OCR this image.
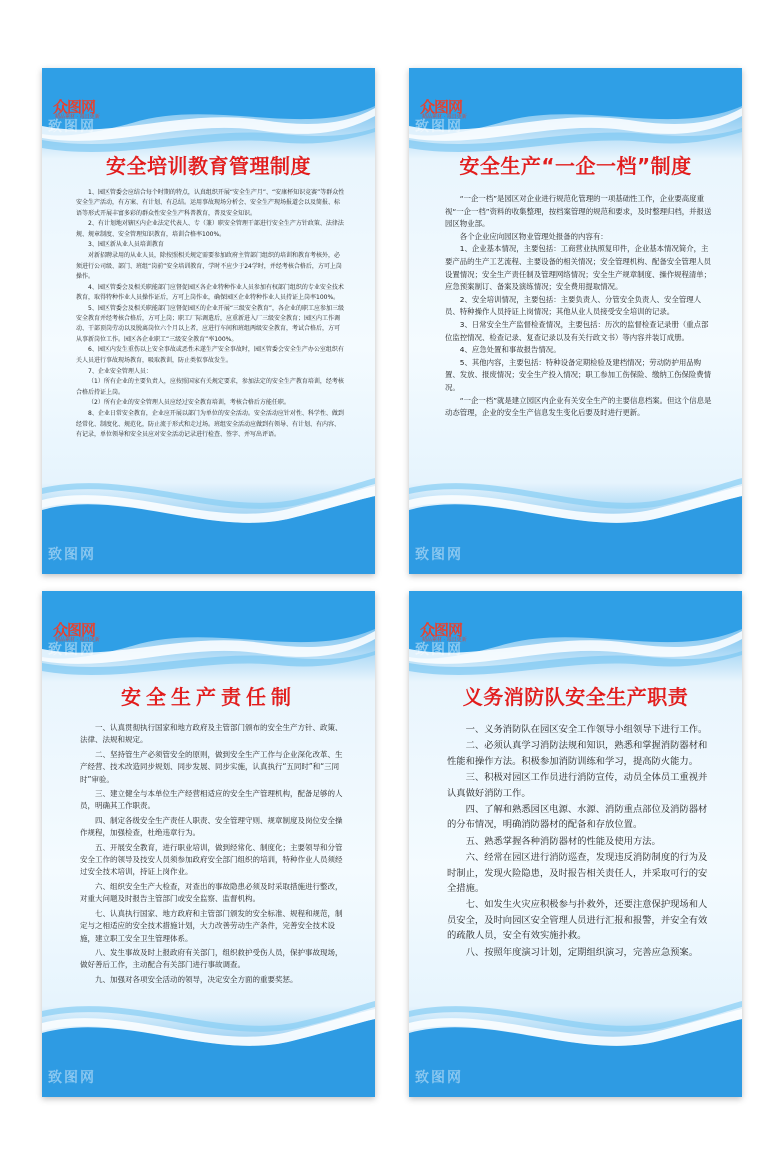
众图网
精品素材 · 每日更新
致图网
致图网
安全培训教育管理制度

1、园区管委会应结合每个时期的特点，认真组织开展“安全生产月”、“安康杯知识竞赛”等群众性安全生产活动，有方案、有计划、有总结。运用事故现场分析会、安全生产现场报道会以及简报、标语等形式开展丰富多彩的群众性安全生产科普教育，普及安全知识。

2、有计划地对辖区内企业法定代表人、专（兼）职安全管理干部进行安全生产方针政策、法律法规、规章制度、安全管理知识教育，培训合格率100%。

3、园区新从业人员培训教育

对新招聘录用的从业人员，除按照相关规定需要参加政府主管部门组织的培训和教育考核外，必须进行公司级、部门、班组“岗前”安全培训教育，学时不应少于24学时，并经考核合格后，方可上岗操作。

4、园区管委会及相关职能部门应督促园区各企业特种作业人员参加有权部门组织的专业安全技术教育，取得特种作业人员操作证后，方可上岗作业，确保园区企业特种作业人员持证上岗率100%。

5、园区管委会及相关职能部门应督促园区的企业开展“三级安全教育”，各企业的职工应参加三级安全教育并经考核合格后，方可上岗；职工厂际调遣后，应重新进入厂三级安全教育；园区内工作调动、干部顶岗劳动以及脱离岗位六个月以上者，应进行车间和班组两级安全教育，考试合格后，方可从事新岗位工作。园区各企业职工“三级安全教育”率100%。

6、园区内发生重伤以上安全事故或恶性未遂生产安全事故时，园区管委会安全生产办公室组织有关人员进行事故现场教育，吸取教训，防止类似事故发生。

7、企业安全管理人员：

（1）所有企业的主要负责人，应按照国家有关规定要求，参加法定的安全生产教育培训，经考核合格后持证上岗。

（2）所有企业的安全管理人员应经过安全教育培训，考核合格后方能任职。

8、企业日常安全教育，企业应开展以部门为单位的安全活动。安全活动应针对性、科学性、做到经常化、制度化、规范化，防止流于形式和走过场。班组安全活动应做到有领导、有计划、有内容、有记录，单位领导和安全员应对安全活动记录进行检查、签字、并写出评语。

众图网
精品素材 · 每日更新
致图网
致图网
安全生产“一企一档”制度

“一企一档”是园区对企业进行规范化管理的一项基础性工作，企业要高度重视“一企一档”资料的收集整理，按档案管理的规范和要求，及时整理归档，并报送园区物业部。

各个企业应向园区物业管理处报备的内容有：

1、企业基本情况，主要包括：工商营业执照复印件，企业基本情况简介，主要产品的生产工艺流程、主要设备的相关情况；安全管理机构、配备安全管理人员设置情况；安全生产责任制及管理网络情况；安全生产规章制度、操作规程清单；应急预案制订、备案及演练情况；安全费用提取情况。

2、安全培训情况，主要包括：主要负责人、分管安全负责人、安全管理人员、特种操作人员持证上岗情况；其他从业人员接受安全培训的记录。

3、日常安全生产监督检查情况，主要包括：历次的监督检查记录册（重点部位监控情况、检查记录、复查记录以及有关行政文书）等内容并装订成册。

4、应急处置和事故报告情况。

5、其他内容，主要包括：特种设备定期检验及建档情况；劳动防护用品购置、发放、报废情况；安全生产投入情况；职工参加工伤保险、缴纳工伤保险费情况。

“一企一档”就是建立园区内企业有关安全生产的主要信息档案。但这个信息是动态管理，企业的安全生产信息发生变化后要及时进行更新。

众图网
精品素材 · 每日更新
致图网
致图网
安全生产责任制

一、认真贯彻执行国家和地方政府及主管部门颁布的安全生产方针、政策、法律、法规和规定。

二、坚持管生产必须管安全的原则，做到安全生产工作与企业深化改革、生产经营、技术改造同步规划、同步发展、同步实施，认真执行“五同时”和“三同时”审验。

三、建立健全与本单位生产经营相适应的安全生产管理机构，配备足够的人员，明确其工作职责。

四、制定各级安全生产责任人职责、安全管理守则、规章制度及岗位安全操作规程，加强检查，杜绝违章行为。

五、开展安全教育，进行职业培训，做到经常化、制度化；主要领导和分管安全工作的领导及技安人员须参加政府安全部门组织的培训，特种作业人员须经过安全技术培训，持证上岗作业。

六、组织安全生产大检查，对查出的事故隐患必须及时采取措施进行整改，对重大问题及时报告主管部门或安全监察、监督机构。

七、认真执行国家、地方政府和主管部门颁发的安全标准、规程和规范，制定与之相适应的安全技术措施计划，大力改善劳动生产条件，完善安全技术设施，建立职工安全卫生管理体系。

八、发生事故及时上报政府有关部门，组织救护受伤人员，保护事故现场，做好善后工作，主动配合有关部门进行事故调查。

九、加强对各项安全活动的领导，决定安全方面的重要奖惩。

众图网
精品素材 · 每日更新
致图网
致图网
义务消防队安全生产职责

一、义务消防队在园区安全工作领导小组领导下进行工作。

二、必须认真学习消防法规和知识，熟悉和掌握消防器材和性能和操作方法。积极参加消防训练和学习，提高防火能力。

三、积极对园区工作员进行消防宣传，动员全体员工重视并认真做好消防工作。

四、了解和熟悉园区电源、水源、消防重点部位及消防器材的分布情况，明确消防器材的配备和存放位置。

五、熟悉掌握各种消防器材的性能及使用方法。

六、经常在园区进行消防巡查，发现违反消防制度的行为及时制止，发现火险隐患，及时报告相关责任人，并采取可行的安全措施。

七、如发生火灾应积极参与扑救外，还要注意保护现场和人员安全，及时向园区安全管理人员进行汇报和报警，并安全有效的疏散人员，安全有效实施扑救。

八、按照年度演习计划，定期组织演习，完善应急预案。
